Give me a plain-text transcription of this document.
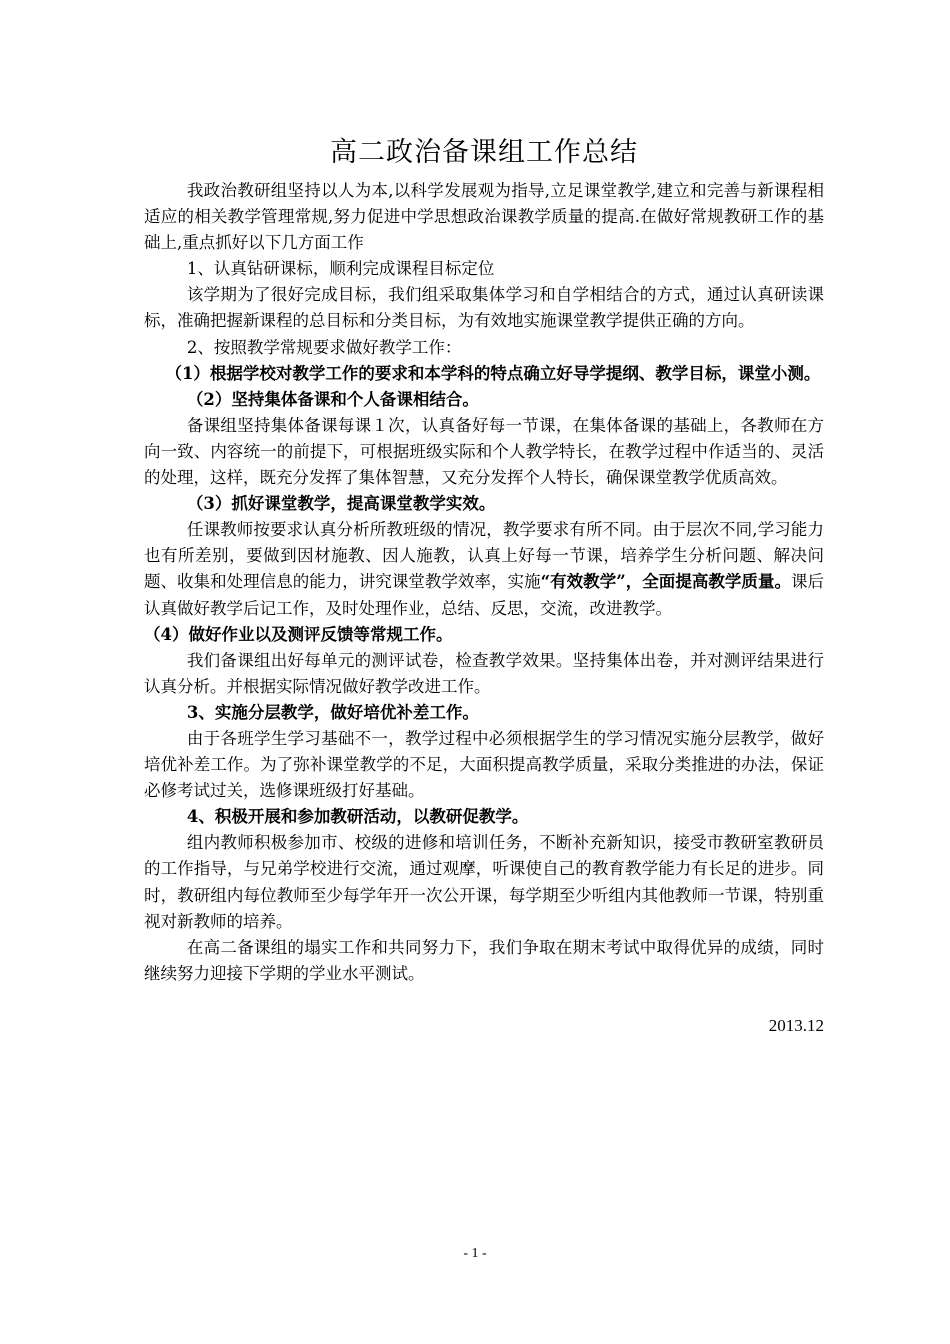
高二政治备课组工作总结

我政治教研组坚持以人为本,以科学发展观为指导,立足课堂教学,建立和完善与新课程相适应的相关教学管理常规,努力促进中学思想政治课教学质量的提高.在做好常规教研工作的基础上,重点抓好以下几方面工作

1、认真钻研课标，顺利完成课程目标定位

该学期为了很好完成目标，我们组采取集体学习和自学相结合的方式，通过认真研读课标，准确把握新课程的总目标和分类目标，为有效地实施课堂教学提供正确的方向。

2、按照教学常规要求做好教学工作：

（1）根据学校对教学工作的要求和本学科的特点确立好导学提纲、教学目标，课堂小测。

（2）坚持集体备课和个人备课相结合。

备课组坚持集体备课每课１次，认真备好每一节课，在集体备课的基础上，各教师在方向一致、内容统一的前提下，可根据班级实际和个人教学特长，在教学过程中作适当的、灵活的处理，这样，既充分发挥了集体智慧，又充分发挥个人特长，确保课堂教学优质高效。

（3）抓好课堂教学，提高课堂教学实效。

任课教师按要求认真分析所教班级的情况，教学要求有所不同。由于层次不同,学习能力也有所差别，要做到因材施教、因人施教，认真上好每一节课，培养学生分析问题、解决问题、收集和处理信息的能力，讲究课堂教学效率，实施“有效教学”，全面提高教学质量。课后认真做好教学后记工作，及时处理作业，总结、反思，交流，改进教学。

（4）做好作业以及测评反馈等常规工作。

我们备课组出好每单元的测评试卷，检查教学效果。坚持集体出卷，并对测评结果进行认真分析。并根据实际情况做好教学改进工作。

3、实施分层教学，做好培优补差工作。

由于各班学生学习基础不一，教学过程中必须根据学生的学习情况实施分层教学，做好培优补差工作。为了弥补课堂教学的不足，大面积提高教学质量，采取分类推进的办法，保证必修考试过关，选修课班级打好基础。

4、积极开展和参加教研活动，以教研促教学。

组内教师积极参加市、校级的进修和培训任务，不断补充新知识，接受市教研室教研员的工作指导，与兄弟学校进行交流，通过观摩，听课使自己的教育教学能力有长足的进步。同时，教研组内每位教师至少每学年开一次公开课，每学期至少听组内其他教师一节课，特别重视对新教师的培养。

在高二备课组的塌实工作和共同努力下，我们争取在期末考试中取得优异的成绩，同时继续努力迎接下学期的学业水平测试。

2013.12
- 1 -
